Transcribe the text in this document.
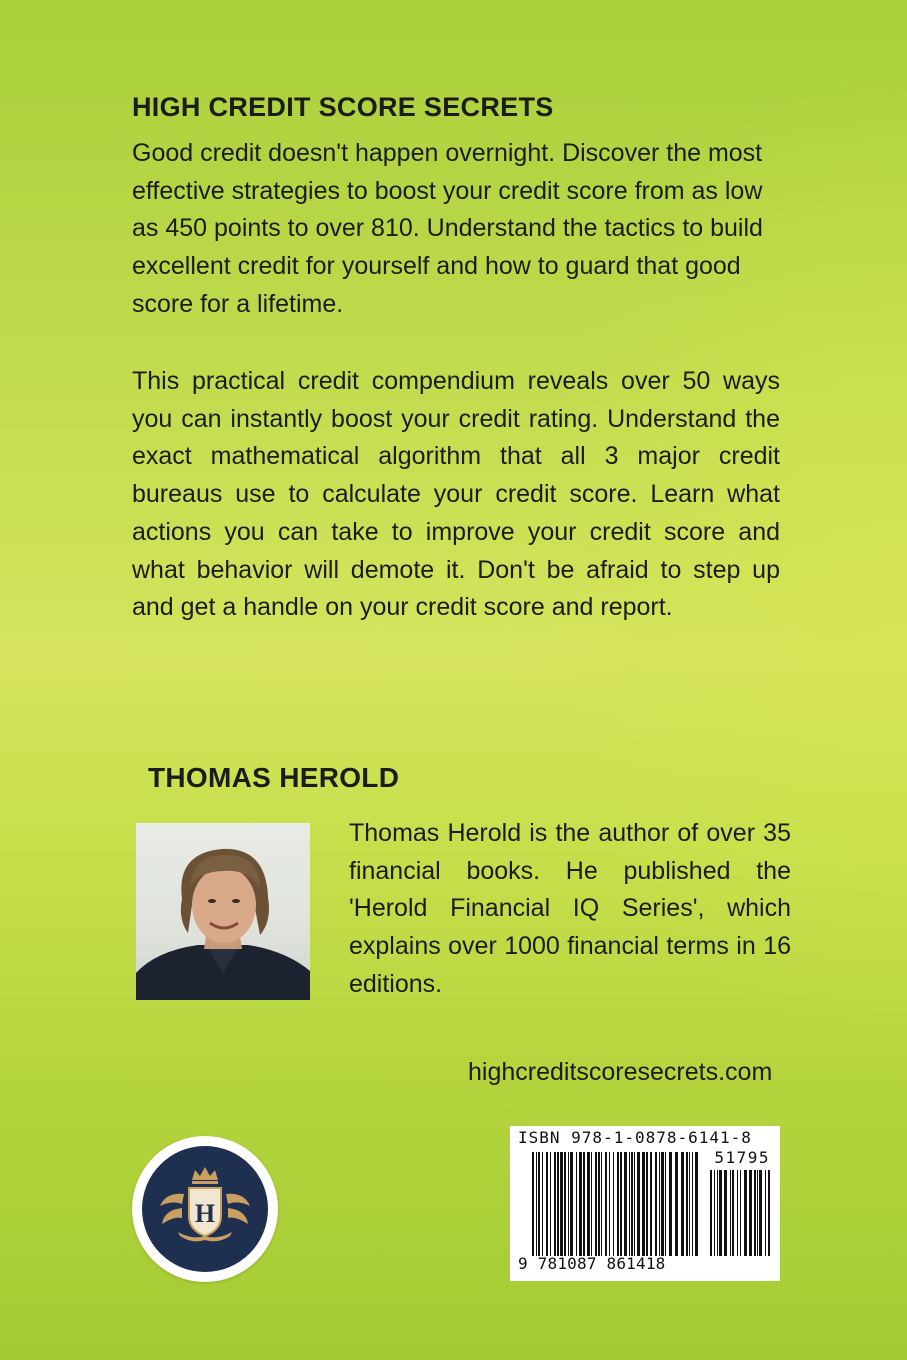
HIGH CREDIT SCORE SECRETS

Good credit doesn't happen overnight. Discover the most effective strategies to boost your credit score from as low as 450 points to over 810. Understand the tactics to build excellent credit for yourself and how to guard that good score for a lifetime.

This practical credit compendium reveals over 50 ways you can instantly boost your credit rating. Understand the exact mathematical algorithm that all 3 major credit bureaus use to calculate your credit score. Learn what actions you can take to improve your credit score and what behavior will demote it. Don't be afraid to step up and get a handle on your credit score and report.

THOMAS HEROLD

Thomas Herold is the author of over 35 financial books. He published the 'Herold Financial IQ Series', which explains over 1000 financial terms in 16 editions.

highcreditscoresecrets.com

H

ISBN 978-1-0878-6141-8

51795

9 781087 861418
